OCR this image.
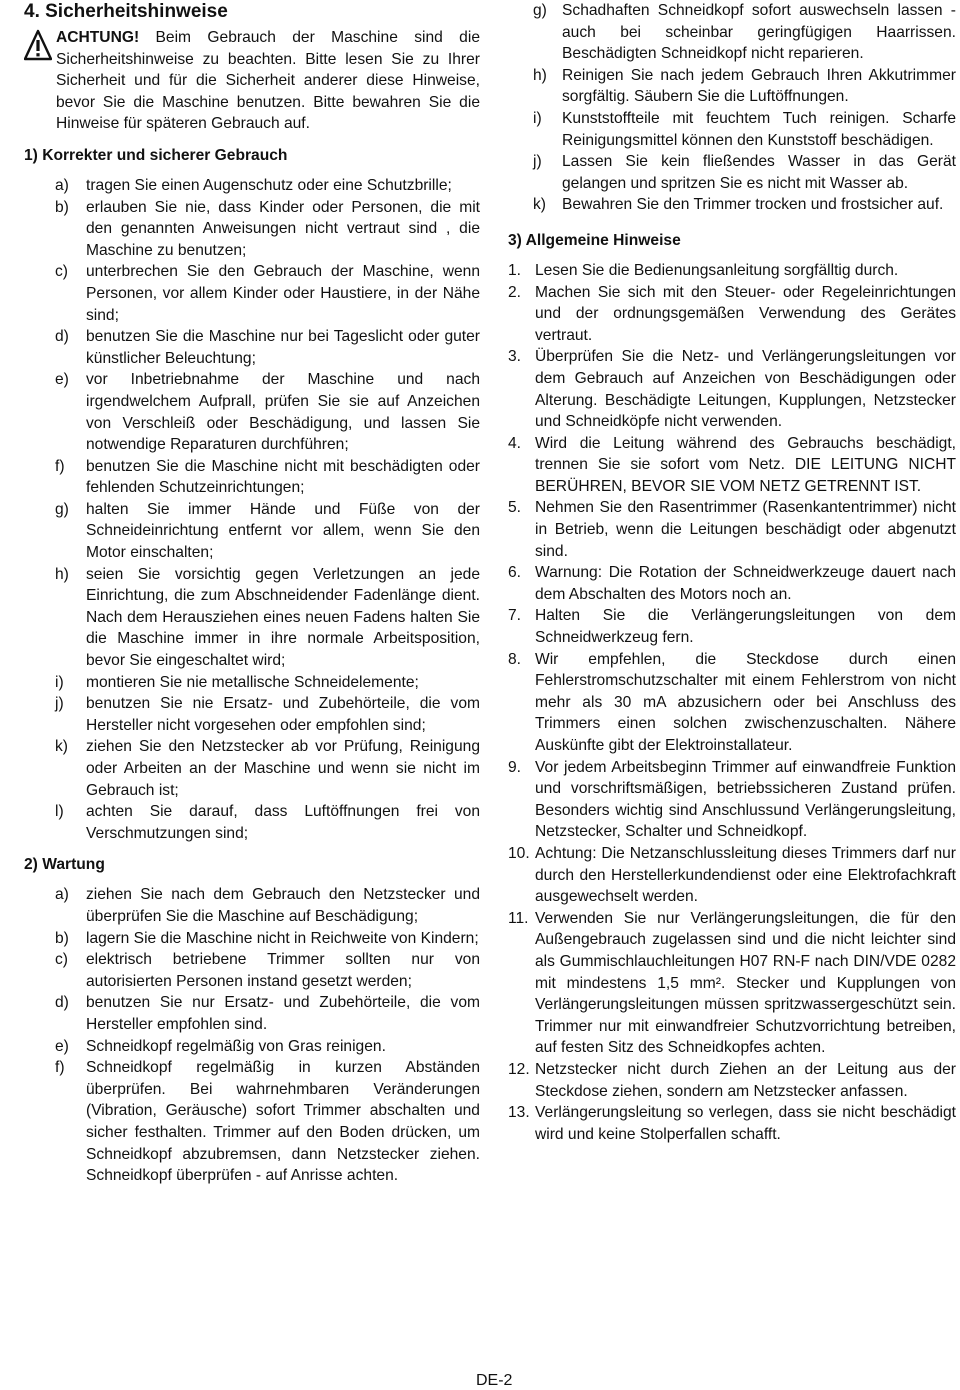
4. Sicherheitshinweise
ACHTUNG! Beim Gebrauch der Maschine sind die Sicherheitshinweise zu beachten. Bitte lesen Sie zu Ihrer Sicherheit und für die Sicherheit anderer diese Hinweise, bevor Sie die Maschine benutzen. Bitte bewahren Sie die Hinweise für späteren Gebrauch auf.
1) Korrekter und sicherer Gebrauch
a) tragen Sie einen Augenschutz oder eine Schutzbrille;
b) erlauben Sie nie, dass Kinder oder Personen, die mit den genannten Anweisungen nicht vertraut sind , die Maschine zu benutzen;
c) unterbrechen Sie den Gebrauch der Maschine, wenn Personen, vor allem Kinder oder Haustiere, in der Nähe sind;
d) benutzen Sie die Maschine nur bei Tageslicht oder guter künstlicher Beleuchtung;
e) vor Inbetriebnahme der Maschine und nach irgendwelchem Aufprall, prüfen Sie sie auf Anzeichen von Verschleiß oder Beschädigung, und lassen Sie notwendige Reparaturen durchführen;
f) benutzen Sie die Maschine nicht mit beschädigten oder fehlenden Schutzeinrichtungen;
g) halten Sie immer Hände und Füße von der Schneideinrichtung entfernt vor allem, wenn Sie den Motor einschalten;
h) seien Sie vorsichtig gegen Verletzungen an jede Einrichtung, die zum Abschneidender Fadenlänge dient. Nach dem Herausziehen eines neuen Fadens halten Sie die Maschine immer in ihre normale Arbeitsposition, bevor Sie eingeschaltet wird;
i) montieren Sie nie metallische Schneidelemente;
j) benutzen Sie nie Ersatz- und Zubehörteile, die vom Hersteller nicht vorgesehen oder empfohlen sind;
k) ziehen Sie den Netzstecker ab vor Prüfung, Reinigung oder Arbeiten an der Maschine und wenn sie nicht im Gebrauch ist;
l) achten Sie darauf, dass Luftöffnungen frei von Verschmutzungen sind;
2) Wartung
a) ziehen Sie nach dem Gebrauch den Netzstecker und überprüfen Sie die Maschine auf Beschädigung;
b) lagern Sie die Maschine nicht in Reichweite von Kindern;
c) elektrisch betriebene Trimmer sollten nur von autorisierten Personen instand gesetzt werden;
d) benutzen Sie nur Ersatz- und Zubehörteile, die vom Hersteller empfohlen sind.
e) Schneidkopf regelmäßig von Gras reinigen.
f) Schneidkopf regelmäßig in kurzen Abständen überprüfen. Bei wahrnehmbaren Veränderungen (Vibration, Geräusche) sofort Trimmer abschalten und sicher festhalten. Trimmer auf den Boden drücken, um Schneidkopf abzubremsen, dann Netzstecker ziehen. Schneidkopf überprüfen - auf Anrisse achten.
g) Schadhaften Schneidkopf sofort auswechseln lassen - auch bei scheinbar geringfügigen Haarrissen. Beschädigten Schneidkopf nicht reparieren.
h) Reinigen Sie nach jedem Gebrauch Ihren Akkutrimmer sorgfältig. Säubern Sie die Luftöffnungen.
i) Kunststoffteile mit feuchtem Tuch reinigen. Scharfe Reinigungsmittel können den Kunststoff beschädigen.
j) Lassen Sie kein fließendes Wasser in das Gerät gelangen und spritzen Sie es nicht mit Wasser ab.
k) Bewahren Sie den Trimmer trocken und frostsicher auf.
3) Allgemeine Hinweise
1. Lesen Sie die Bedienungsanleitung sorgfälltig durch.
2. Machen Sie sich mit den Steuer- oder Regeleinrichtungen und der ordnungsgemäßen Verwendung des Gerätes vertraut.
3. Überprüfen Sie die Netz- und Verlängerungsleitungen vor dem Gebrauch auf Anzeichen von Beschädigungen oder Alterung. Beschädigte Leitungen, Kupplungen, Netzstecker und Schneidköpfe nicht verwenden.
4. Wird die Leitung während des Gebrauchs beschädigt, trennen Sie sie sofort vom Netz. DIE LEITUNG NICHT BERÜHREN, BEVOR SIE VOM NETZ GETRENNT IST.
5. Nehmen Sie den Rasentrimmer (Rasenkantentrimmer) nicht in Betrieb, wenn die Leitungen beschädigt oder abgenutzt sind.
6. Warnung: Die Rotation der Schneidwerkzeuge dauert nach dem Abschalten des Motors noch an.
7. Halten Sie die Verlängerungsleitungen von dem Schneidwerkzeug fern.
8. Wir empfehlen, die Steckdose durch einen Fehlerstromschutzschalter mit einem Fehlerstrom von nicht mehr als 30 mA abzusichern oder bei Anschluss des Trimmers einen solchen zwischenzuschalten. Nähere Auskünfte gibt der Elektroinstallateur.
9. Vor jedem Arbeitsbeginn Trimmer auf einwandfreie Funktion und vorschriftsmäßigen, betriebssicheren Zustand prüfen. Besonders wichtig sind Anschlussund Verlängerungsleitung, Netzstecker, Schalter und Schneidkopf.
10. Achtung: Die Netzanschlussleitung dieses Trimmers darf nur durch den Herstellerkundendienst oder eine Elektrofachkraft ausgewechselt werden.
11. Verwenden Sie nur Verlängerungsleitungen, die für den Außengebrauch zugelassen sind und die nicht leichter sind als Gummischlauchleitungen H07 RN-F nach DIN/VDE 0282 mit mindestens 1,5 mm². Stecker und Kupplungen von Verlängerungsleitungen müssen spritzwassergeschützt sein. Trimmer nur mit einwandfreier Schutzvorrichtung betreiben, auf festen Sitz des Schneidkopfes achten.
12. Netzstecker nicht durch Ziehen an der Leitung aus der Steckdose ziehen, sondern am Netzstecker anfassen.
13. Verlängerungsleitung so verlegen, dass sie nicht beschädigt wird und keine Stolperfallen schafft.
DE-2
